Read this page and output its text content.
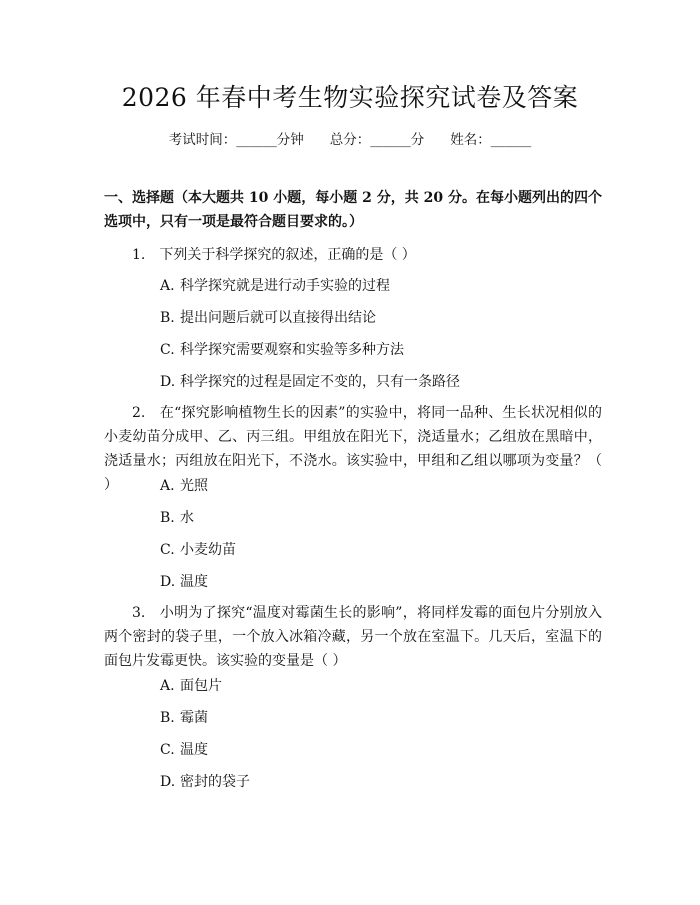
2026 年春中考生物实验探究试卷及答案
考试时间：______分钟 总分：______分 姓名：______
一、选择题（本大题共 10 小题，每小题 2 分，共 20 分。在每小题列出的四个选项中，只有一项是最符合题目要求的。）
1.　下列关于科学探究的叙述，正确的是（ ）
A. 科学探究就是进行动手实验的过程
B. 提出问题后就可以直接得出结论
C. 科学探究需要观察和实验等多种方法
D. 科学探究的过程是固定不变的，只有一条路径
2.　在“探究影响植物生长的因素”的实验中，将同一品种、生长状况相似的小麦幼苗分成甲、乙、丙三组。甲组放在阳光下，浇适量水；乙组放在黑暗中，浇适量水；丙组放在阳光下，不浇水。该实验中，甲组和乙组以哪项为变量？（ ）	A. 光照
B. 水
C. 小麦幼苗
D. 温度
3.　小明为了探究“温度对霉菌生长的影响”，将同样发霉的面包片分别放入两个密封的袋子里，一个放入冰箱冷藏，另一个放在室温下。几天后，室温下的面包片发霉更快。该实验的变量是（ ）
A. 面包片
B. 霉菌
C. 温度
D. 密封的袋子
